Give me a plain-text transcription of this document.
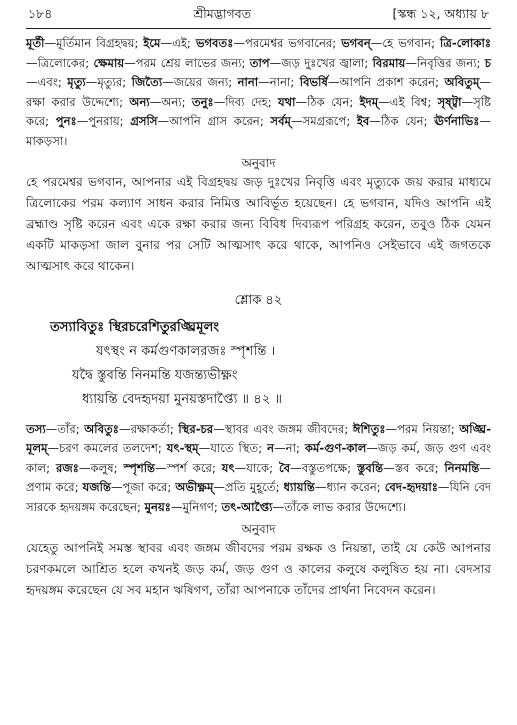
১৮৪	শ্রীমদ্ভাগবত	[স্কন্ধ ১২, অধ্যায় ৮

মূর্তী—মূর্তিমান বিগ্রহদ্বয়; ইমে—এই; ভগবতঃ—পরমেশ্বর ভগবানের; ভগবন্—হে ভগবান; ত্রি-লোকাঃ—ত্রিলোকের; ক্ষেমায়—পরম শ্রেয় লাভের জন্য; তাপ—জড় দুঃখের জ্বালা; বিরমায়—নিবৃত্তির জন্য; চ—এবং; মৃত্যু—মৃত্যুর; জিত্যৈ—জয়ের জন্য; নানা—নানা; বিভর্ষি—আপনি প্রকাশ করেন; অবিতুম্—রক্ষা করার উদ্দেশ্যে; অন্য—অন্য; তনুঃ—দিব্য দেহ; যথা—ঠিক যেন; ইদম্—এই বিশ্ব; সৃষ্ট্বা—সৃষ্টি করে; পুনঃ—পুনরায়; গ্রসসি—আপনি গ্রাস করেন; সর্বম্—সমগ্ররূপে; ইব—ঠিক যেন; ঊর্ণনাভিঃ—মাকড়সা।

অনুবাদ

হে পরমেশ্বর ভগবান, আপনার এই বিগ্রহদ্বয় জড় দুঃখের নিবৃত্তি এবং মৃত্যুকে জয় করার মাধ্যমে ত্রিলোকের পরম কল্যাণ সাধন করার নিমিত্ত আবির্ভূত হয়েছেন। হে ভগবান, যদিও আপনি এই ব্রহ্মাণ্ড সৃষ্টি করেন এবং একে রক্ষা করার জন্য বিবিধ দিব্যরূপ পরিগ্রহ করেন, তবুও ঠিক যেমন একটি মাকড়সা জাল বুনার পর সেটি আত্মসাৎ করে থাকে, আপনিও সেইভাবে এই জগতকে আত্মসাৎ করে থাকেন।

শ্লোক ৪২

তস্যাবিতুঃ স্থিরচরেশিতুরঙ্ঘ্রিমূলং
যৎস্থং ন কর্মগুণকালরজঃ স্পৃশন্তি ।
যদ্বৈ স্তুবন্তি নিনমন্তি যজন্ত্যভীক্ষ্ণং
ধ্যায়ন্তি বেদহৃদয়া মুনয়স্তদাপ্ত্যৈ ॥ ৪২ ॥

তস্য—তাঁর; অবিতুঃ—রক্ষাকর্তা; স্থির-চর—স্থাবর এবং জঙ্গম জীবদের; ঈশিতুঃ—পরম নিয়ন্তা; অঙ্ঘ্রি-মূলম্—চরণ কমলের তলদেশ; যৎ-স্থম্—যাতে স্থিত; ন—না; কর্ম-গুণ-কাল—জড় কর্ম, জড় গুণ এবং কাল; রজঃ—কলুষ; স্পৃশন্তি—স্পর্শ করে; যৎ—যাকে; বৈ—বস্তুতপক্ষে; স্তুবন্তি—স্তব করে; নিনমন্তি—প্রণাম করে; যজন্তি—পূজা করে; অভীক্ষ্ণম্—প্রতি মুহূর্তে; ধ্যায়ন্তি—ধ্যান করেন; বেদ-হৃদয়াঃ—যিনি বেদ সারকে হৃদয়ঙ্গম করেছেন; মুনয়ঃ—মুনিগণ; তৎ-আপ্ত্যৈ—তাঁকে লাভ করার উদ্দেশ্যে।

অনুবাদ

যেহেতু আপনিই সমস্ত স্থাবর এবং জঙ্গম জীবদের পরম রক্ষক ও নিয়ন্তা, তাই যে কেউ আপনার চরণকমলে আশ্রিত হলে কখনই জড় কর্ম, জড় গুণ ও কালের কলুষে কলুষিত হয় না। বেদসার হৃদয়ঙ্গম করেছেন যে সব মহান ঋষিগণ, তাঁরা আপনাকে তাঁদের প্রার্থনা নিবেদন করেন।
